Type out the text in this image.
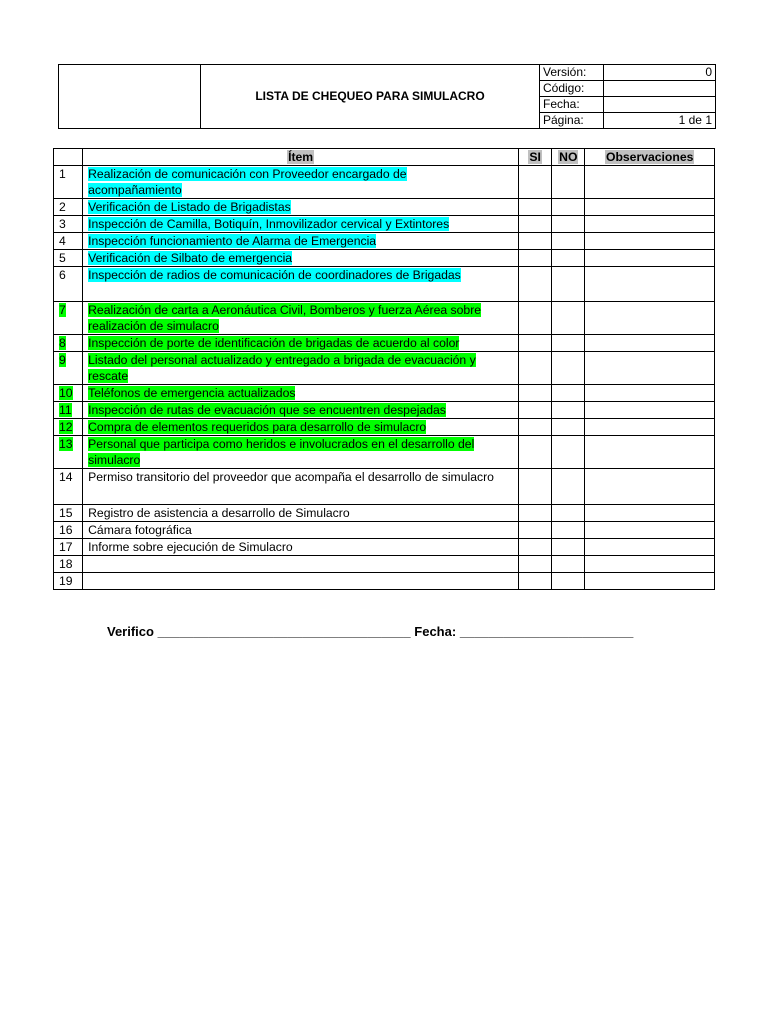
	LISTA DE CHEQUEO PARA SIMULACRO	Versión:	0
		Código:	
		Fecha:	
		Página:	1 de 1
	Ítem	SI	NO	Observaciones
1	Realización de comunicación con Proveedor encargado de acompañamiento			
2	Verificación de Listado de Brigadistas			
3	Inspección de Camilla, Botiquín, Inmovilizador cervical y Extintores			
4	Inspección funcionamiento de Alarma de Emergencia			
5	Verificación de Silbato de emergencia			
6	Inspección de radios de comunicación de coordinadores de Brigadas			
7	Realización de carta a Aeronáutica Civil, Bomberos y fuerza Aérea sobre realización de simulacro			
8	Inspección de porte de identificación de brigadas de acuerdo al color			
9	Listado del personal actualizado y entregado a brigada de evacuación y rescate			
10	Teléfonos de emergencia actualizados			
11	Inspección de rutas de evacuación que se encuentren despejadas			
12	Compra de elementos requeridos para desarrollo de simulacro			
13	Personal que participa como heridos e involucrados en el desarrollo del simulacro			
14	Permiso transitorio del proveedor que acompaña el desarrollo de simulacro			
15	Registro de asistencia a desarrollo de Simulacro			
16	Cámara fotográfica			
17	Informe sobre ejecución de Simulacro			
18				
19				
Verifico ___________________________________ Fecha: ________________________
